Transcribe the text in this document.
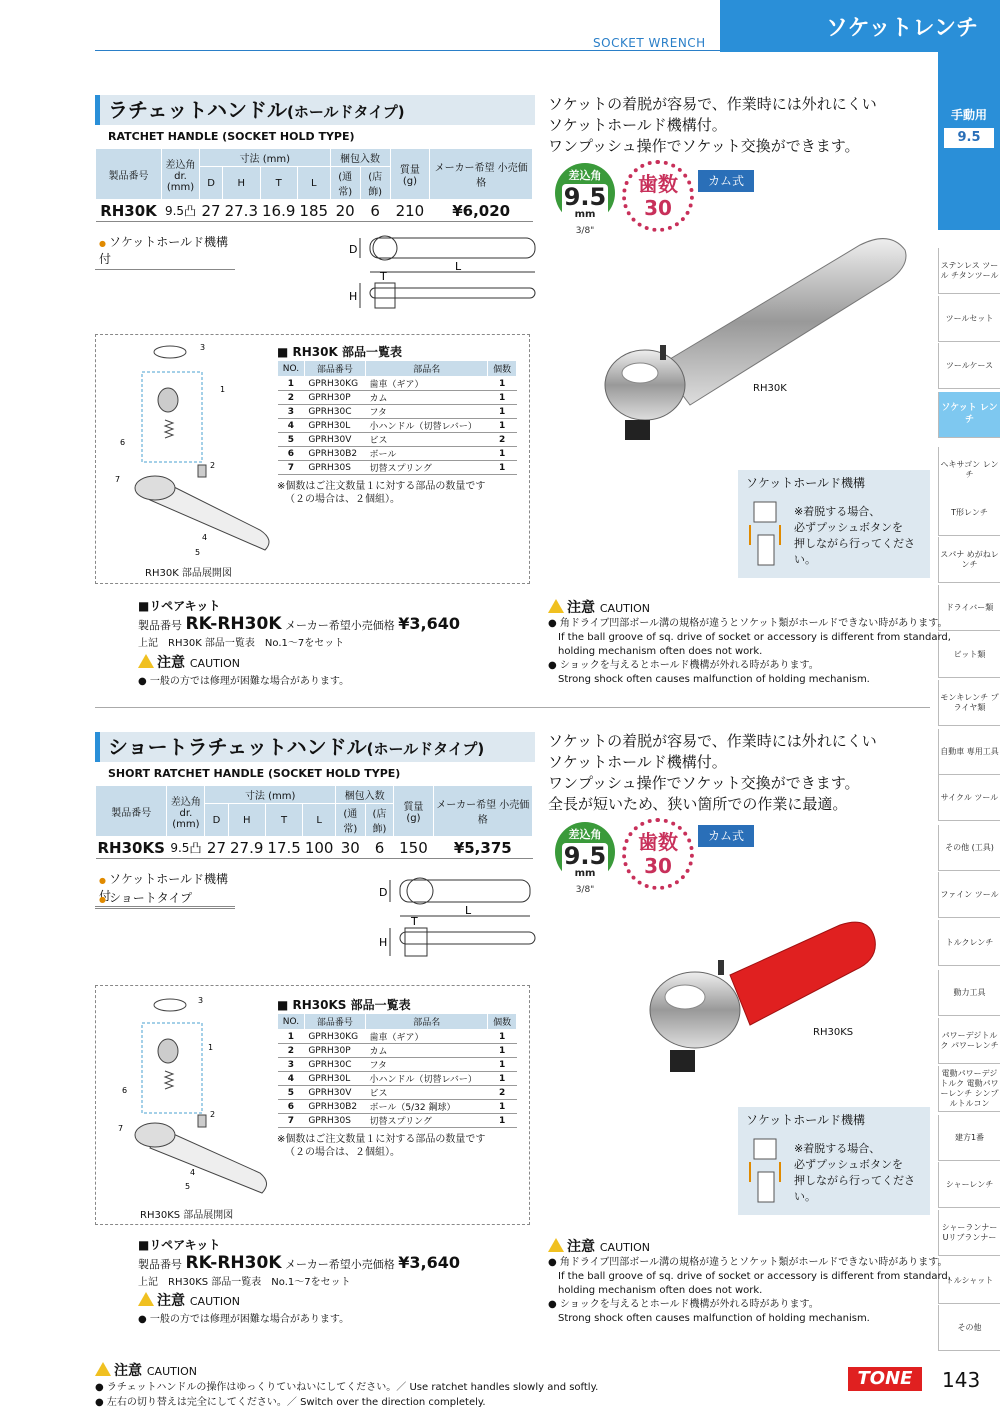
SOCKET WRENCH
ソケットレンチ
手動用
9.5
ステンレス ツール チタンツール
ツールセット
ツールケース
ソケット レンチ
ヘキサゴン レンチ
T形レンチ
スパナ めがねレンチ
ドライバー類
ビット類
モンキレンチ プライヤ類
自動車 専用工具
サイクル ツール
その他 (工具)
ファイン ツール
トルクレンチ
動力工具
パワーデジトルク パワーレンチ
電動パワーデジトルク 電動パワーレンチ シンプルトルコン
建方1番
シャーレンチ
シャーランナー Uリブランナー
トルシャット
その他
ラチェットハンドル(ホールドタイプ)
RATCHET HANDLE (SOCKET HOLD TYPE)
製品番号	差込角 dr. (mm)	寸法 (mm)				梱包入数		質量 (g)	メーカー希望 小売価格
		D	H	T	L	(通常)	(店飾)		
RH30K	9.5凸	27	27.3	16.9	185	20	6	210	¥6,020
● ソケットホールド機構付
D
L
H
T
ソケットの着脱が容易で、作業時には外れにくい
ソケットホールド機構付。
ワンプッシュ操作でソケット交換ができます。
差込角
9.5
mm
3/8"
歯数
30
カム式
RH30K
ソケットホールド機構
※着脱する場合、
必ずプッシュボタンを
押しながら行ってください。
3
1
2
6
7
4
5
RH30K 部品展開図
■ RH30K 部品一覧表
NO.	部品番号	部品名	個数
1	GPRH30KG	歯車（ギア）	1
2	GPRH30P	カム	1
3	GPRH30C	フタ	1
4	GPRH30L	小ハンドル（切替レバー）	1
5	GPRH30V	ビス	2
6	GPRH30B2	ボール	1
7	GPRH30S	切替スプリング	1
※個数はご注文数量１に対する部品の数量です
（２の場合は、２個組）。
■リペアキット
製品番号 RK-RH30K メーカー希望小売価格 ¥3,640
上記　RH30K 部品一覧表　No.1～7をセット
注意 CAUTION
● 一般の方では修理が困難な場合があります。
注意 CAUTION
● 角ドライブ凹部ボール溝の規格が違うとソケット類がホールドできない時があります。
If the ball groove of sq. drive of socket or accessory is different from standard,
holding mechanism often does not work.
● ショックを与えるとホールド機構が外れる時があります。
Strong shock often causes malfunction of holding mechanism.
ショートラチェットハンドル(ホールドタイプ)
SHORT RATCHET HANDLE (SOCKET HOLD TYPE)
製品番号	差込角 dr. (mm)	寸法 (mm)				梱包入数		質量 (g)	メーカー希望 小売価格
		D	H	T	L	(通常)	(店飾)		
RH30KS	9.5凸	27	27.9	17.5	100	30	6	150	¥5,375
● ソケットホールド機構付
● ショートタイプ	D
L
H
T
ソケットの着脱が容易で、作業時には外れにくい
ソケットホールド機構付。
ワンプッシュ操作でソケット交換ができます。
全長が短いため、狭い箇所での作業に最適。
差込角
9.5
mm
3/8"
歯数
30
カム式
RH30KS
ソケットホールド機構
※着脱する場合、
必ずプッシュボタンを
押しながら行ってください。
3
1
2
6
7
4
5
RH30KS 部品展開図
■ RH30KS 部品一覧表
NO.	部品番号	部品名	個数
1	GPRH30KG	歯車（ギア）	1
2	GPRH30P	カム	1
3	GPRH30C	フタ	1
4	GPRH30L	小ハンドル（切替レバー）	1
5	GPRH30V	ビス	2
6	GPRH30B2	ボール（5/32 鋼球）	1
7	GPRH30S	切替スプリング	1
※個数はご注文数量１に対する部品の数量です
（２の場合は、２個組）。
■リペアキット
製品番号 RK-RH30K メーカー希望小売価格 ¥3,640
上記　RH30KS 部品一覧表　No.1～7をセット
注意 CAUTION
● 一般の方では修理が困難な場合があります。
注意 CAUTION
● 角ドライブ凹部ボール溝の規格が違うとソケット類がホールドできない時があります。
If the ball groove of sq. drive of socket or accessory is different from standard,
holding mechanism often does not work.
● ショックを与えるとホールド機構が外れる時があります。
Strong shock often causes malfunction of holding mechanism.
注意 CAUTION
● ラチェットハンドルの操作はゆっくりていねいにしてください。／ Use ratchet handles slowly and softly.
● 左右の切り替えは完全にしてください。／ Switch over the direction completely.
TONE	143
